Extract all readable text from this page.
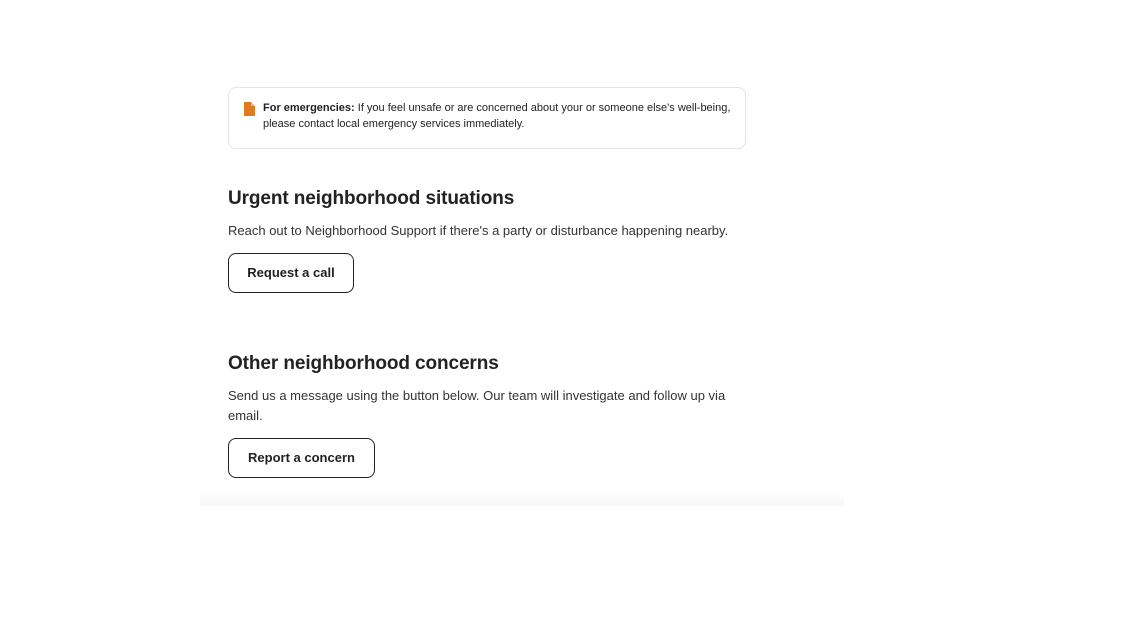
For emergencies: If you feel unsafe or are concerned about your or someone else's well-being, please contact local emergency services immediately.
Urgent neighborhood situations

Reach out to Neighborhood Support if there's a party or disturbance happening nearby.

Request a call
Other neighborhood concerns

Send us a message using the button below. Our team will investigate and follow up via email.

Report a concern
